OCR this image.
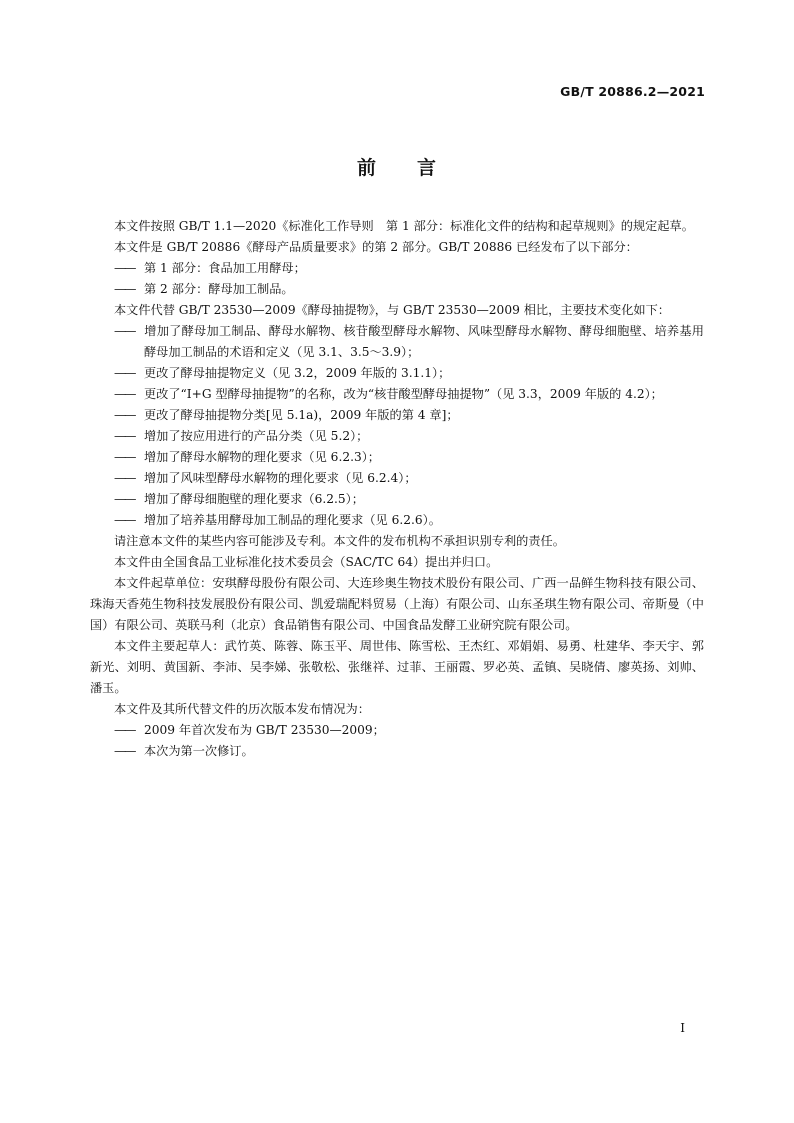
GB/T 20886.2—2021
前 言

本文件按照 GB/T 1.1—2020《标准化工作导则　第 1 部分：标准化文件的结构和起草规则》的规定起草。

本文件是 GB/T 20886《酵母产品质量要求》的第 2 部分。GB/T 20886 已经发布了以下部分：

—— 第 1 部分：食品加工用酵母；

—— 第 2 部分：酵母加工制品。

本文件代替 GB/T 23530—2009《酵母抽提物》，与 GB/T 23530—2009 相比，主要技术变化如下：

—— 增加了酵母加工制品、酵母水解物、核苷酸型酵母水解物、风味型酵母水解物、酵母细胞壁、培养基用酵母加工制品的术语和定义（见 3.1、3.5～3.9）；

—— 更改了酵母抽提物定义（见 3.2，2009 年版的 3.1.1）；

—— 更改了“I+G 型酵母抽提物”的名称，改为“核苷酸型酵母抽提物”（见 3.3，2009 年版的 4.2）；

—— 更改了酵母抽提物分类[见 5.1a)，2009 年版的第 4 章]；

—— 增加了按应用进行的产品分类（见 5.2）；

—— 增加了酵母水解物的理化要求（见 6.2.3）；

—— 增加了风味型酵母水解物的理化要求（见 6.2.4）；

—— 增加了酵母细胞壁的理化要求（6.2.5）；

—— 增加了培养基用酵母加工制品的理化要求（见 6.2.6）。

请注意本文件的某些内容可能涉及专利。本文件的发布机构不承担识别专利的责任。

本文件由全国食品工业标准化技术委员会（SAC/TC 64）提出并归口。

本文件起草单位：安琪酵母股份有限公司、大连珍奥生物技术股份有限公司、广西一品鲜生物科技有限公司、珠海天香苑生物科技发展股份有限公司、凯爱瑞配料贸易（上海）有限公司、山东圣琪生物有限公司、帝斯曼（中国）有限公司、英联马利（北京）食品销售有限公司、中国食品发酵工业研究院有限公司。

本文件主要起草人：武竹英、陈蓉、陈玉平、周世伟、陈雪松、王杰红、邓娟娟、易勇、杜建华、李天宇、郭新光、刘明、黄国新、李沛、吴李娣、张敬松、张继祥、过菲、王丽霞、罗必英、孟镇、吴晓倩、廖英扬、刘帅、潘玉。

本文件及其所代替文件的历次版本发布情况为：

—— 2009 年首次发布为 GB/T 23530—2009；

—— 本次为第一次修订。

I
